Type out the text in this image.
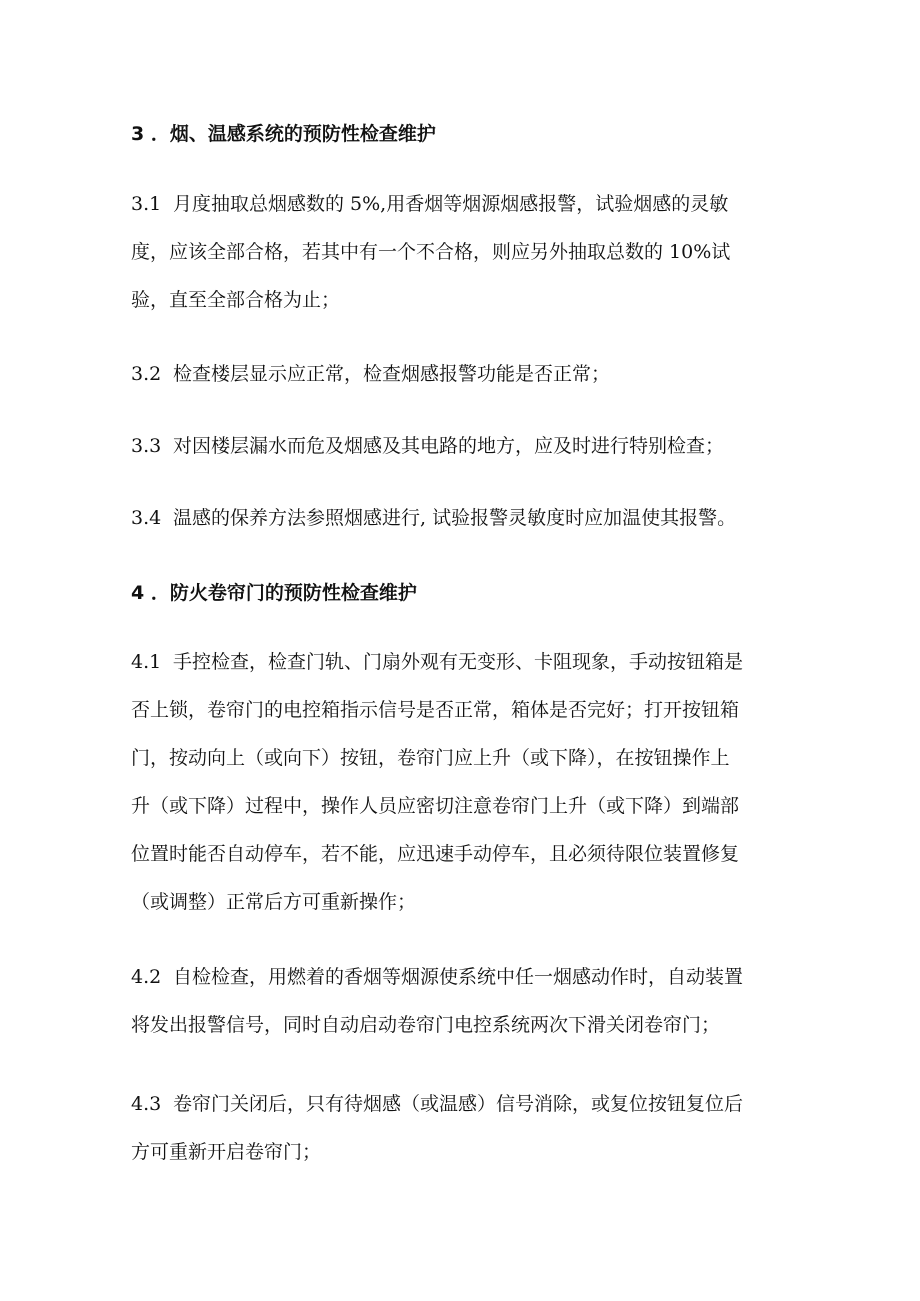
3 ．烟、温感系统的预防性检查维护
3.1 月度抽取总烟感数的 5%,用香烟等烟源烟感报警，试验烟感的灵敏
度，应该全部合格，若其中有一个不合格，则应另外抽取总数的 10%试
验，直至全部合格为止；
3.2 检查楼层显示应正常，检查烟感报警功能是否正常；
3.3 对因楼层漏水而危及烟感及其电路的地方，应及时进行特别检查；
3.4 温感的保养方法参照烟感进行, 试验报警灵敏度时应加温使其报警。
4 ．防火卷帘门的预防性检查维护
4.1 手控检查，检查门轨、门扇外观有无变形、卡阻现象，手动按钮箱是
否上锁，卷帘门的电控箱指示信号是否正常，箱体是否完好；打开按钮箱
门，按动向上（或向下）按钮，卷帘门应上升（或下降），在按钮操作上
升（或下降）过程中，操作人员应密切注意卷帘门上升（或下降）到端部
位置时能否自动停车，若不能，应迅速手动停车，且必须待限位装置修复
（或调整）正常后方可重新操作；
4.2 自检检查，用燃着的香烟等烟源使系统中任一烟感动作时，自动装置
将发出报警信号，同时自动启动卷帘门电控系统两次下滑关闭卷帘门；
4.3 卷帘门关闭后，只有待烟感（或温感）信号消除，或复位按钮复位后
方可重新开启卷帘门；
